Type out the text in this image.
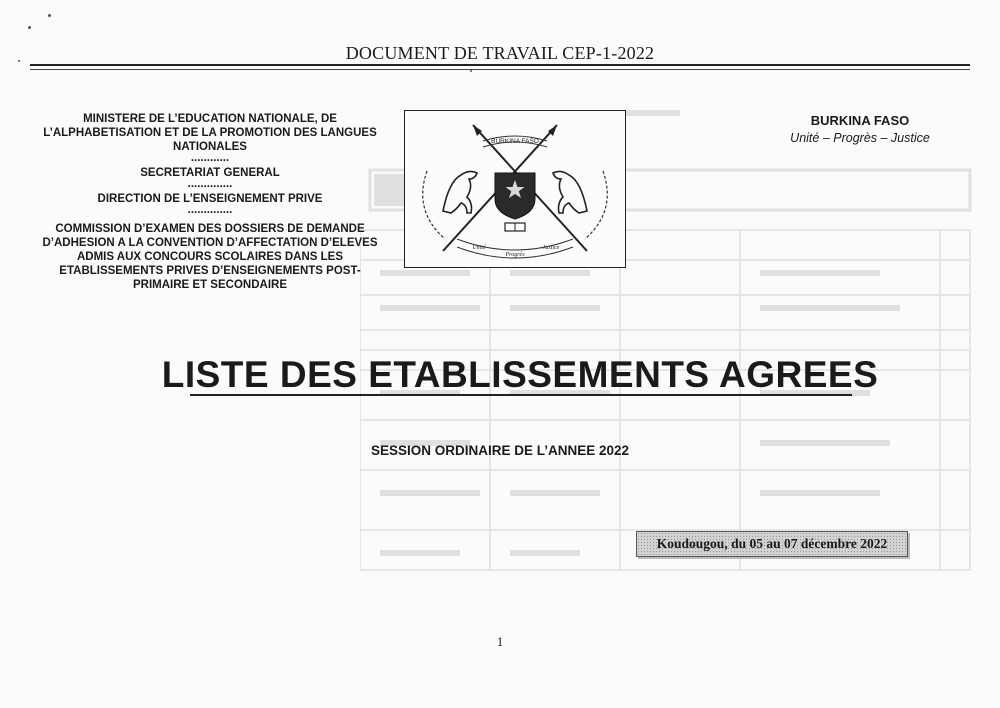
DOCUMENT DE TRAVAIL CEP-1-2022
MINISTERE DE L’EDUCATION NATIONALE, DE
L’ALPHABETISATION ET DE LA PROMOTION DES LANGUES
NATIONALES
............
SECRETARIAT GENERAL
..............
DIRECTION DE L’ENSEIGNEMENT PRIVE
..............
COMMISSION D’EXAMEN DES DOSSIERS DE DEMANDE
D’ADHESION A LA CONVENTION D’AFFECTATION D’ELEVES
ADMIS AUX CONCOURS SCOLAIRES DANS LES
ETABLISSEMENTS PRIVES D’ENSEIGNEMENTS POST-
PRIMAIRE ET SECONDAIRE
BURKINA FASO
Unité
Progrès
Justice
BURKINA FASO
Unité – Progrès – Justice
LISTE DES ETABLISSEMENTS AGREES
SESSION ORDINAIRE DE L’ANNEE 2022
Koudougou, du 05 au 07 décembre 2022
1
